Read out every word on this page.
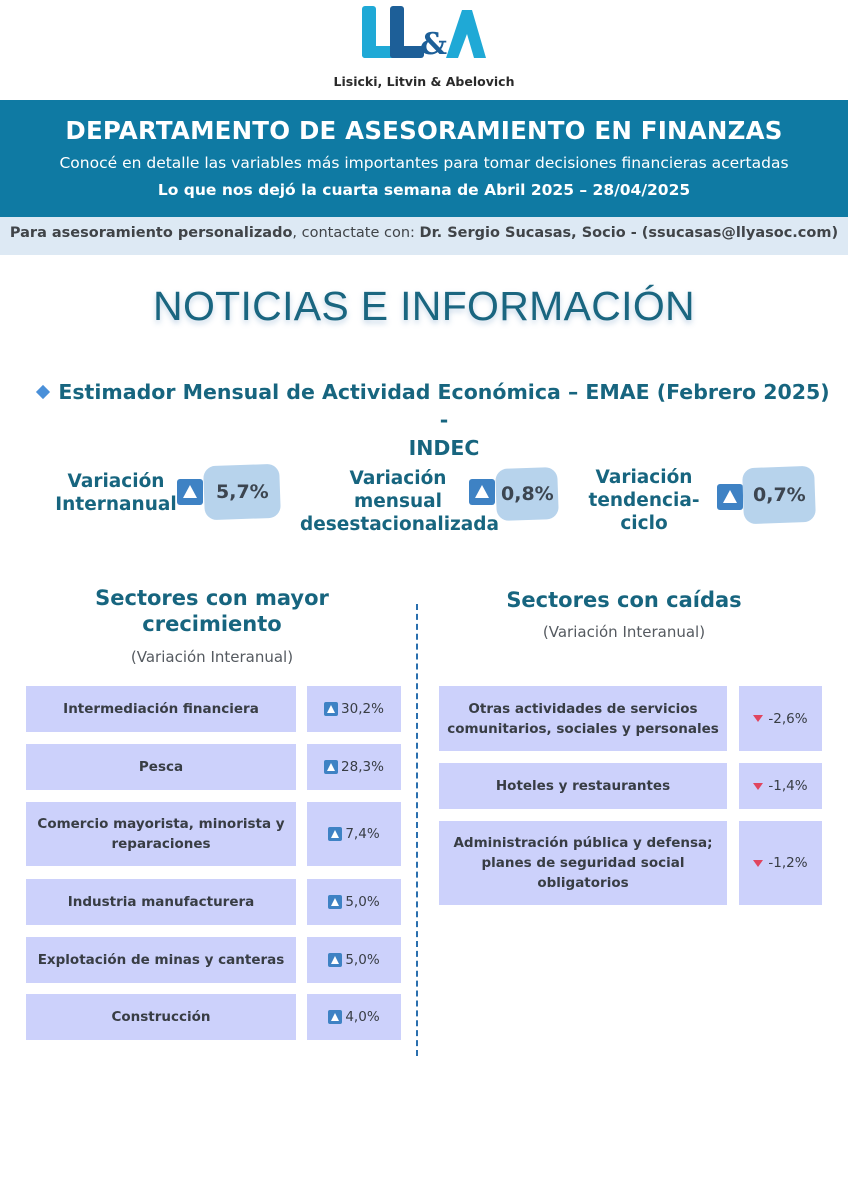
&
Lisicki, Litvin & Abelovich
DEPARTAMENTO DE ASESORAMIENTO EN FINANZAS
Conocé en detalle las variables más importantes para tomar decisiones financieras acertadas
Lo que nos dejó la cuarta semana de Abril 2025 – 28/04/2025
Para asesoramiento personalizado, contactate con: Dr. Sergio Sucasas, Socio - (ssucasas@llyasoc.com)
NOTICIAS E INFORMACIÓN
Estimador Mensual de Actividad Económica – EMAE (Febrero 2025) -
INDEC
Variación
Internanual
5,7%
Variación
mensual
desestacionalizada
0,8%
Variación
tendencia-
ciclo
0,7%
Sectores con mayor
crecimiento
(Variación Interanual)
Intermediación financiera	30,2%
Pesca	28,3%
Comercio mayorista, minorista y
reparaciones
7,4%
Industria manufacturera	5,0%
Explotación de minas y canteras	5,0%
Construcción	4,0%
Sectores con caídas
(Variación Interanual)
Otras actividades de servicios
comunitarios, sociales y personales
-2,6%
Hoteles y restaurantes	-1,4%
Administración pública y defensa;
planes de seguridad social
obligatorios
-1,2%
